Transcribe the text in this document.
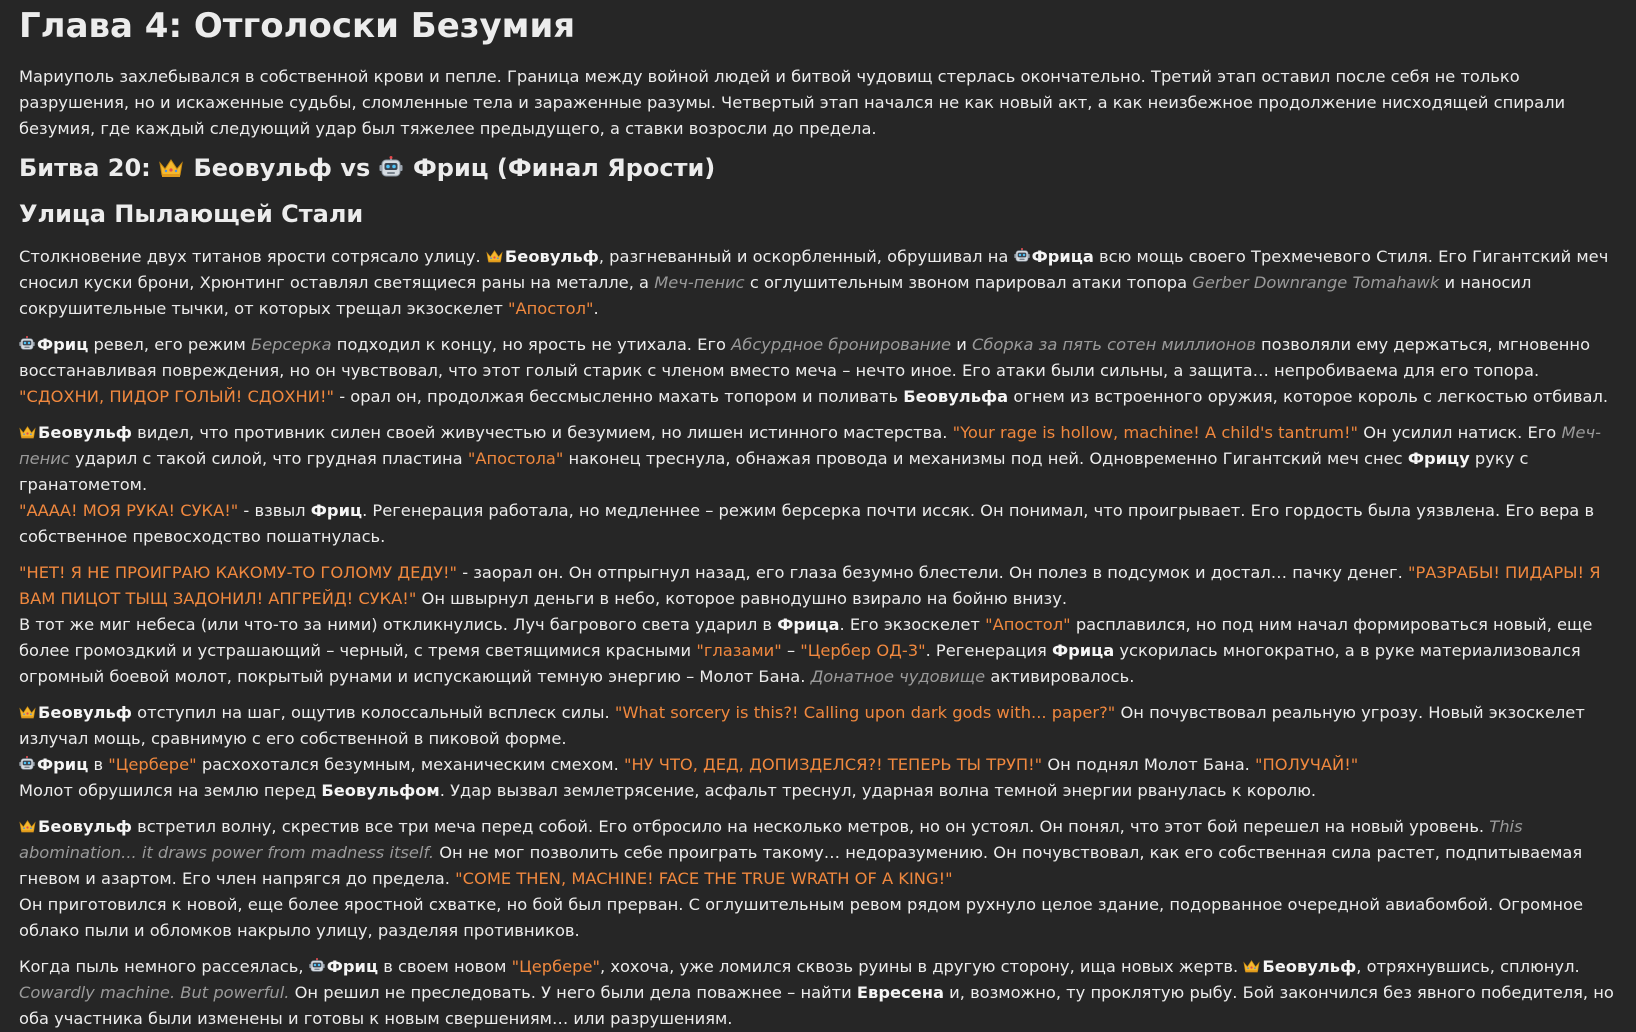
Глава 4: Отголоски Безумия

Мариуполь захлебывался в собственной крови и пепле. Граница между войной людей и битвой чудовищ стерлась окончательно. Третий этап оставил после себя не только разрушения, но и искаженные судьбы, сломленные тела и зараженные разумы. Четвертый этап начался не как новый акт, а как неизбежное продолжение нисходящей спирали безумия, где каждый следующий удар был тяжелее предыдущего, а ставки возросли до предела.

Битва 20: Беовульф vs Фриц (Финал Ярости)
Улица Пылающей Стали

Столкновение двух титанов ярости сотрясало улицу. Беовульф, разгневанный и оскорбленный, обрушивал на Фрица всю мощь своего Трехмечевого Стиля. Его Гигантский меч сносил куски брони, Хрюнтинг оставлял светящиеся раны на металле, а Меч-пенис с оглушительным звоном парировал атаки топора Gerber Downrange Tomahawk и наносил сокрушительные тычки, от которых трещал экзоскелет "Апостол".

Фриц ревел, его режим Берсерка подходил к концу, но ярость не утихала. Его Абсурдное бронирование и Сборка за пять сотен миллионов позволяли ему держаться, мгновенно восстанавливая повреждения, но он чувствовал, что этот голый старик с членом вместо меча – нечто иное. Его атаки были сильны, а защита… непробиваема для его топора.
"СДОХНИ, ПИДОР ГОЛЫЙ! СДОХНИ!" - орал он, продолжая бессмысленно махать топором и поливать Беовульфа огнем из встроенного оружия, которое король с легкостью отбивал.

Беовульф видел, что противник силен своей живучестью и безумием, но лишен истинного мастерства. "Your rage is hollow, machine! A child's tantrum!" Он усилил натиск. Его Меч-пенис ударил с такой силой, что грудная пластина "Апостола" наконец треснула, обнажая провода и механизмы под ней. Одновременно Гигантский меч снес Фрицу руку с гранатометом.
"АААА! МОЯ РУКА! СУКА!" - взвыл Фриц. Регенерация работала, но медленнее – режим берсерка почти иссяк. Он понимал, что проигрывает. Его гордость была уязвлена. Его вера в собственное превосходство пошатнулась.

"НЕТ! Я НЕ ПРОИГРАЮ КАКОМУ-ТО ГОЛОМУ ДЕДУ!" - заорал он. Он отпрыгнул назад, его глаза безумно блестели. Он полез в подсумок и достал… пачку денег. "РАЗРАБЫ! ПИДАРЫ! Я ВАМ ПИЦОТ ТЫЩ ЗАДОНИЛ! АПГРЕЙД! СУКА!" Он швырнул деньги в небо, которое равнодушно взирало на бойню внизу.

В тот же миг небеса (или что-то за ними) откликнулись. Луч багрового света ударил в Фрица. Его экзоскелет "Апостол" расплавился, но под ним начал формироваться новый, еще более громоздкий и устрашающий – черный, с тремя светящимися красными "глазами" – "Цербер ОД-3". Регенерация Фрица ускорилась многократно, а в руке материализовался огромный боевой молот, покрытый рунами и испускающий темную энергию – Молот Бана. Донатное чудовище активировалось.

Беовульф отступил на шаг, ощутив колоссальный всплеск силы. "What sorcery is this?! Calling upon dark gods with... paper?" Он почувствовал реальную угрозу. Новый экзоскелет излучал мощь, сравнимую с его собственной в пиковой форме.

Фриц в "Цербере" расхохотался безумным, механическим смехом. "НУ ЧТО, ДЕД, ДОПИЗДЕЛСЯ?! ТЕПЕРЬ ТЫ ТРУП!" Он поднял Молот Бана. "ПОЛУЧАЙ!"

Молот обрушился на землю перед Беовульфом. Удар вызвал землетрясение, асфальт треснул, ударная волна темной энергии рванулась к королю.

Беовульф встретил волну, скрестив все три меча перед собой. Его отбросило на несколько метров, но он устоял. Он понял, что этот бой перешел на новый уровень. This abomination... it draws power from madness itself. Он не мог позволить себе проиграть такому… недоразумению. Он почувствовал, как его собственная сила растет, подпитываемая гневом и азартом. Его член напрягся до предела. "COME THEN, MACHINE! FACE THE TRUE WRATH OF A KING!"

Он приготовился к новой, еще более яростной схватке, но бой был прерван. С оглушительным ревом рядом рухнуло целое здание, подорванное очередной авиабомбой. Огромное облако пыли и обломков накрыло улицу, разделяя противников.

Когда пыль немного рассеялась, Фриц в своем новом "Цербере", хохоча, уже ломился сквозь руины в другую сторону, ища новых жертв. Беовульф, отряхнувшись, сплюнул. Cowardly machine. But powerful. Он решил не преследовать. У него были дела поважнее – найти Евресена и, возможно, ту проклятую рыбу. Бой закончился без явного победителя, но оба участника были изменены и готовы к новым свершениям… или разрушениям.
